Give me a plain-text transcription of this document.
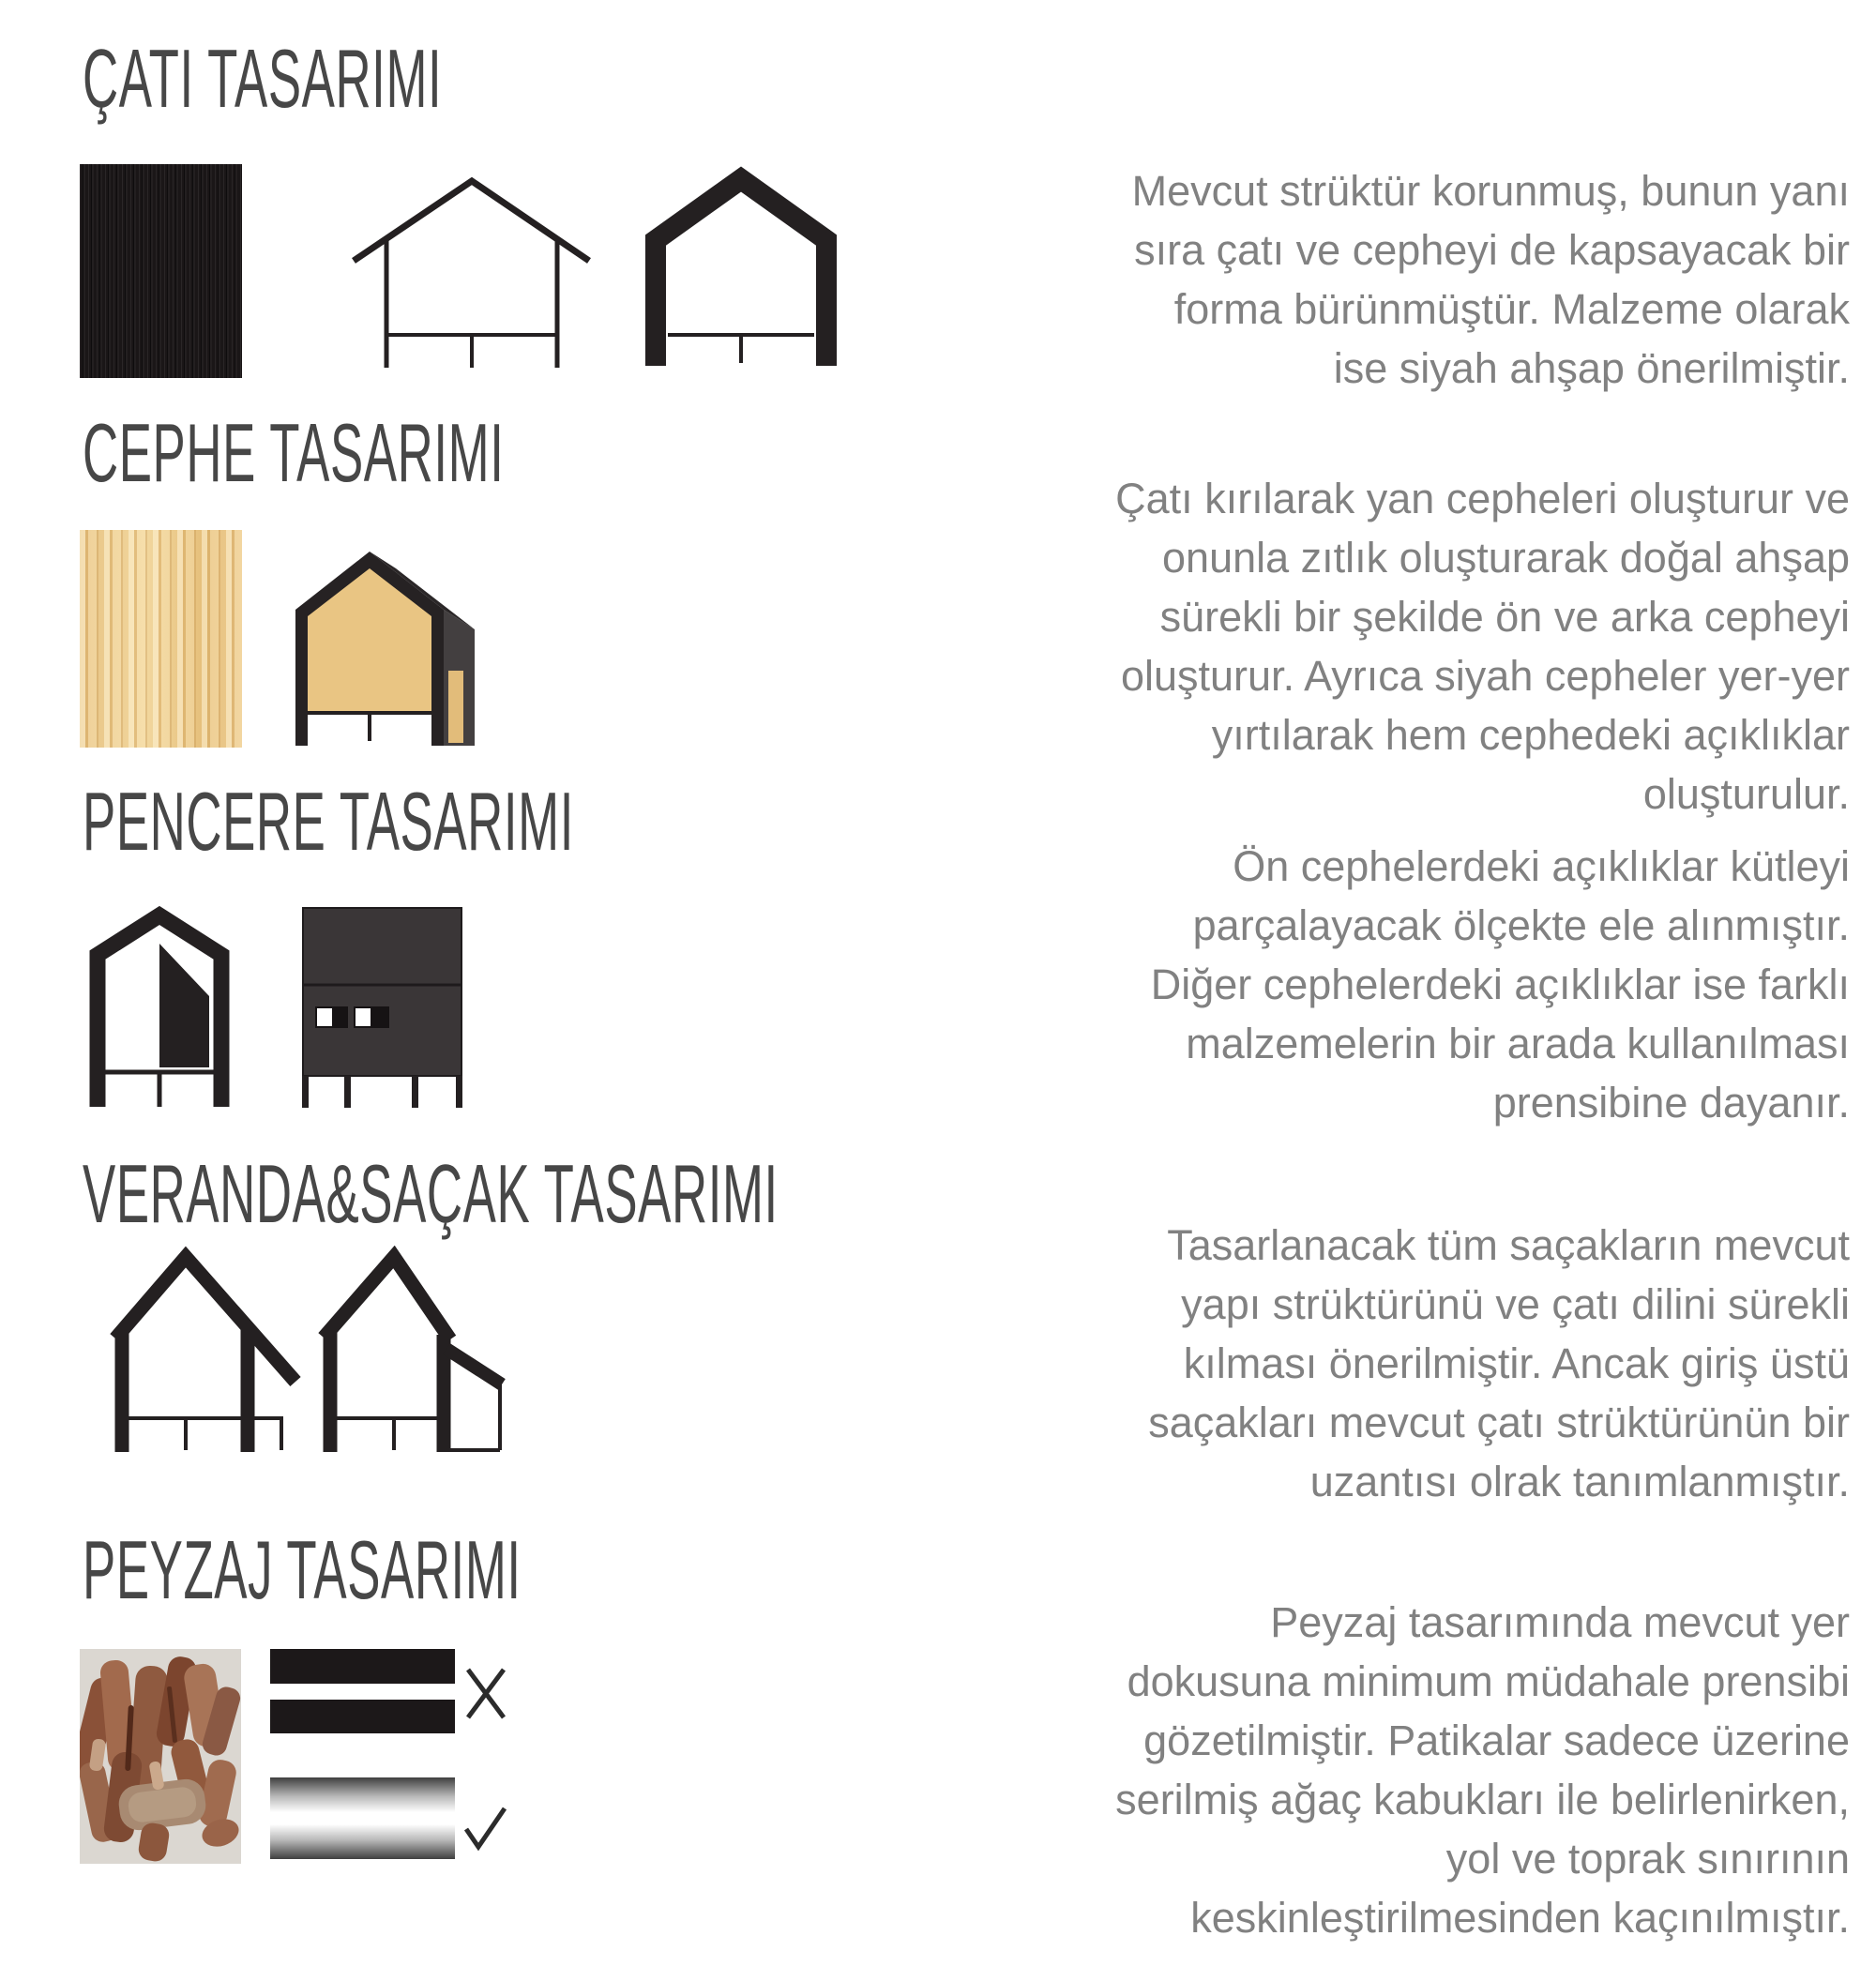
ÇATI TASARIMI
Mevcut strüktür korunmuş, bunun yanı
sıra çatı ve cepheyi de kapsayacak bir
forma bürünmüştür. Malzeme olarak
ise siyah ahşap önerilmiştir.
CEPHE TASARIMI	Çatı kırılarak yan cepheleri oluşturur ve
onunla zıtlık oluşturarak doğal ahşap
sürekli bir şekilde ön ve arka cepheyi
oluşturur. Ayrıca siyah cepheler yer-yer
yırtılarak hem cephedeki açıklıklar
oluşturulur.
PENCERE TASARIMI	Ön cephelerdeki açıklıklar kütleyi
parçalayacak ölçekte ele alınmıştır.
Diğer cephelerdeki açıklıklar ise farklı
malzemelerin bir arada kullanılması
prensibine dayanır.
VERANDA&SAÇAK TASARIMI
Tasarlanacak tüm saçakların mevcut
yapı strüktürünü ve çatı dilini sürekli
kılması önerilmiştir. Ancak giriş üstü
saçakları mevcut çatı strüktürünün bir
uzantısı olrak tanımlanmıştır.
PEYZAJ TASARIMI
Peyzaj tasarımında mevcut yer
dokusuna minimum müdahale prensibi
gözetilmiştir. Patikalar sadece üzerine
serilmiş ağaç kabukları ile belirlenirken,
yol ve toprak sınırının
keskinleştirilmesinden kaçınılmıştır.
